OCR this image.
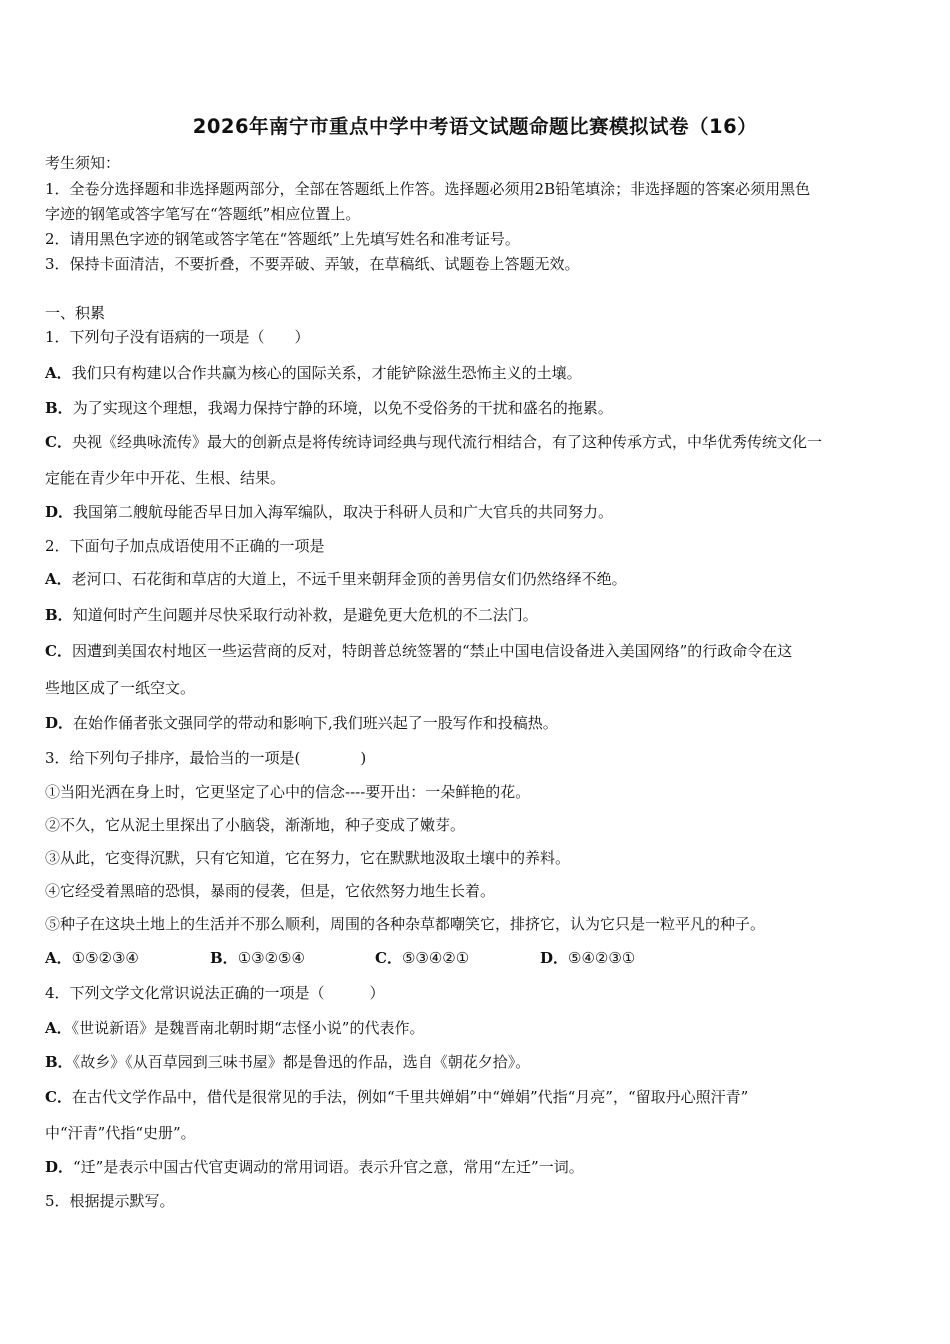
2026年南宁市重点中学中考语文试题命题比赛模拟试卷（16）
考生须知：
1．全卷分选择题和非选择题两部分，全部在答题纸上作答。选择题必须用2B铅笔填涂；非选择题的答案必须用黑色
字迹的钢笔或答字笔写在“答题纸”相应位置上。
2．请用黑色字迹的钢笔或答字笔在“答题纸”上先填写姓名和准考证号。
3．保持卡面清洁，不要折叠，不要弄破、弄皱，在草稿纸、试题卷上答题无效。
一、积累
1．下列句子没有语病的一项是（　　）
A．我们只有构建以合作共赢为核心的国际关系，才能铲除滋生恐怖主义的土壤。
B．为了实现这个理想，我竭力保持宁静的环境，以免不受俗务的干扰和盛名的拖累。
C．央视《经典咏流传》最大的创新点是将传统诗词经典与现代流行相结合，有了这种传承方式，中华优秀传统文化一
定能在青少年中开花、生根、结果。
D．我国第二艘航母能否早日加入海军编队，取决于科研人员和广大官兵的共同努力。
2．下面句子加点成语使用不正确的一项是
A．老河口、石花街和草店的大道上，不远千里来朝拜金顶的善男信女们仍然络绎不绝。
B．知道何时产生问题并尽快采取行动补救，是避免更大危机的不二法门。
C．因遭到美国农村地区一些运营商的反对，特朗普总统签署的“禁止中国电信设备进入美国网络”的行政命令在这
些地区成了一纸空文。
D．在始作俑者张文强同学的带动和影响下,我们班兴起了一股写作和投稿热。
3．给下列句子排序，最恰当的一项是(　　　　)
①当阳光洒在身上时，它更坚定了心中的信念----要开出：一朵鲜艳的花。
②不久，它从泥土里探出了小脑袋，渐渐地，种子变成了嫩芽。
③从此，它变得沉默，只有它知道，它在努力，它在默默地汲取土壤中的养料。
④它经受着黑暗的恐惧，暴雨的侵袭，但是，它依然努力地生长着。
⑤种子在这块土地上的生活并不那么顺利，周围的各种杂草都嘲笑它，排挤它，认为它只是一粒平凡的种子。
A．①⑤②③④	B．①③②⑤④	C．⑤③④②①	D．⑤④②③①
4．下列文学文化常识说法正确的一项是（　　　）
A．《世说新语》是魏晋南北朝时期“志怪小说”的代表作。
B．《故乡》《从百草园到三味书屋》都是鲁迅的作品，选自《朝花夕拾》。
C．在古代文学作品中，借代是很常见的手法，例如“千里共婵娟”中“婵娟”代指“月亮”，“留取丹心照汗青”
中“汗青”代指“史册”。
D．“迁”是表示中国古代官吏调动的常用词语。表示升官之意，常用“左迁”一词。
5．根据提示默写。
